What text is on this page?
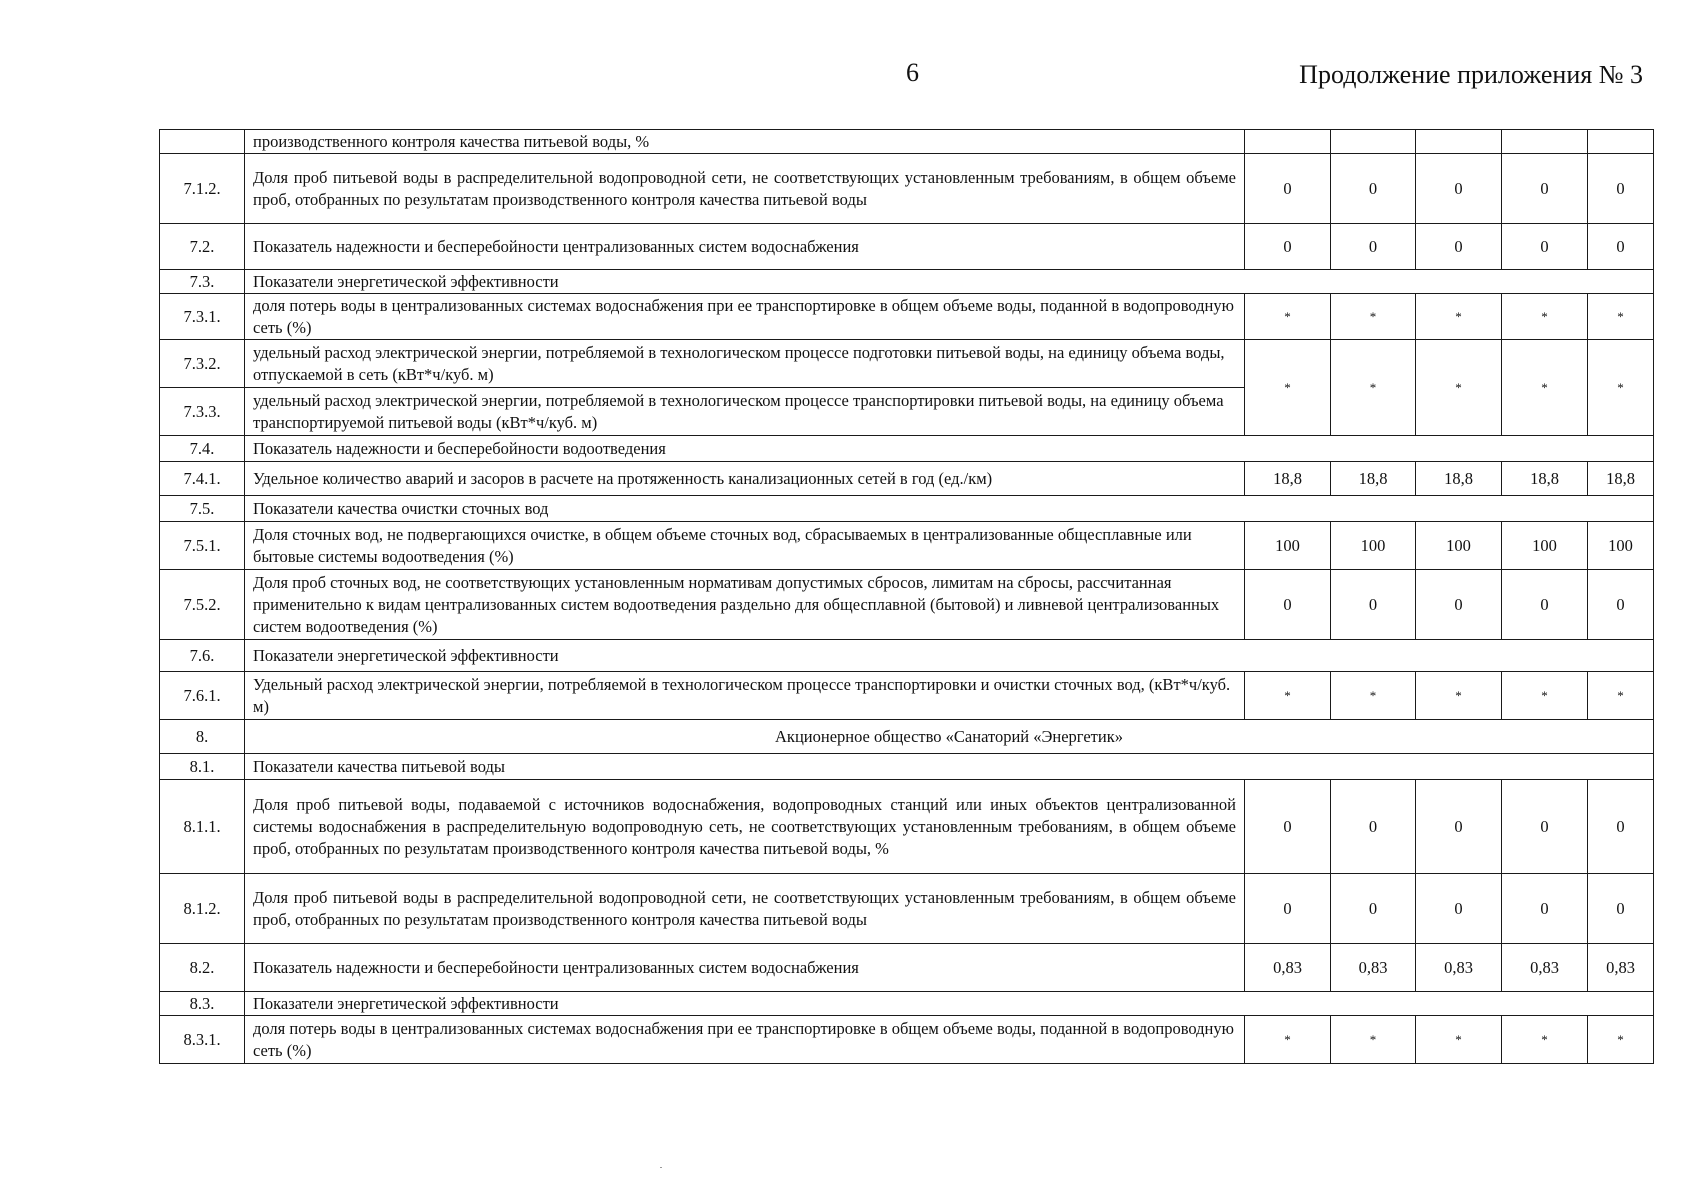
6	Продолжение приложения № 3
	производственного контроля качества питьевой воды, %					
7.1.2.	Доля проб питьевой воды в распределительной водопроводной сети, не соответствующих установленным требованиям, в общем объеме проб, отобранных по результатам производственного контроля качества питьевой воды	0	0	0	0	0
7.2.	Показатель надежности и бесперебойности централизованных систем водоснабжения	0	0	0	0	0
7.3.	Показатели энергетической эффективности					
7.3.1.	доля потерь воды в централизованных системах водоснабжения при ее транспортировке в общем объеме воды, поданной в водопроводную сеть (%)	*	*	*	*	*
7.3.2.	удельный расход электрической энергии, потребляемой в технологическом процессе подготовки питьевой воды, на единицу объема воды, отпускаемой в сеть (кВт*ч/куб. м)	*	*	*	*	*
7.3.3.	удельный расход электрической энергии, потребляемой в технологическом процессе транспортировки питьевой воды, на единицу объема транспортируемой питьевой воды (кВт*ч/куб. м)					
7.4.	Показатель надежности и бесперебойности водоотведения					
7.4.1.	Удельное количество аварий и засоров в расчете на протяженность канализационных сетей в год (ед./км)	18,8	18,8	18,8	18,8	18,8
7.5.	Показатели качества очистки сточных вод					
7.5.1.	Доля сточных вод, не подвергающихся очистке, в общем объеме сточных вод, сбрасываемых в централизованные общесплавные или бытовые системы водоотведения (%)	100	100	100	100	100
7.5.2.	Доля проб сточных вод, не соответствующих установленным нормативам допустимых сбросов, лимитам на сбросы, рассчитанная применительно к видам централизованных систем водоотведения раздельно для общесплавной (бытовой) и ливневой централизованных систем водоотведения (%)	0	0	0	0	0
7.6.	Показатели энергетической эффективности					
7.6.1.	Удельный расход электрической энергии, потребляемой в технологическом процессе транспортировки и очистки сточных вод, (кВт*ч/куб. м)	*	*	*	*	*
8.	Акционерное общество «Санаторий «Энергетик»					
8.1.	Показатели качества питьевой воды					
8.1.1.	Доля проб питьевой воды, подаваемой с источников водоснабжения, водопроводных станций или иных объектов централизованной системы водоснабжения в распределительную водопроводную сеть, не соответствующих установленным требованиям, в общем объеме проб, отобранных по результатам производственного контроля качества питьевой воды, %	0	0	0	0	0
8.1.2.	Доля проб питьевой воды в распределительной водопроводной сети, не соответствующих установленным требованиям, в общем объеме проб, отобранных по результатам производственного контроля качества питьевой воды	0	0	0	0	0
8.2.	Показатель надежности и бесперебойности централизованных систем водоснабжения	0,83	0,83	0,83	0,83	0,83
8.3.	Показатели энергетической эффективности					
8.3.1.	доля потерь воды в централизованных системах водоснабжения при ее транспортировке в общем объеме воды, поданной в водопроводную сеть (%)	*	*	*	*	*
